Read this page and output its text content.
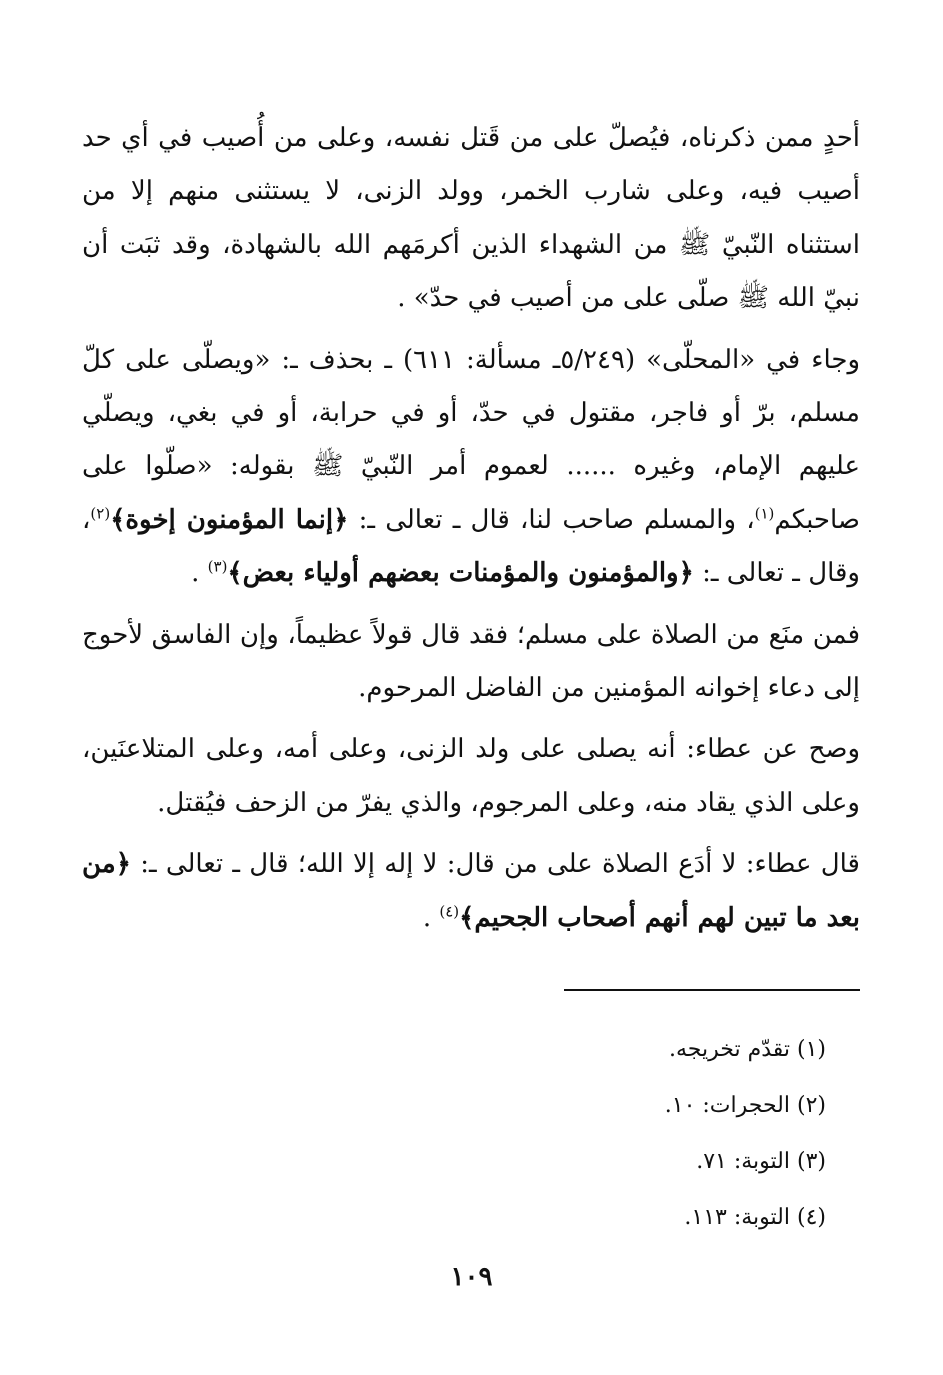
أحدٍ ممن ذكرناه، فيُصلّ على من قَتل نفسه، وعلى من أُصيب في أي حد أصيب فيه، وعلى شارب الخمر، وولد الزنى، لا يستثنى منهم إلا من استثناه النّبيّ ﷺ من الشهداء الذين أكرمَهم الله بالشهادة، وقد ثبَت أن نبيّ الله ﷺ صلّى على من أصيب في حدّ» .

وجاء في «المحلّى» (٥/٢٤٩ـ مسألة: ٦١١) ـ بحذف ـ: «ويصلّى على كلّ مسلم، برّ أو فاجر، مقتول في حدّ، أو في حرابة، أو في بغي، ويصلّي عليهم الإمام، وغيره ...... لعموم أمر النّبيّ ﷺ بقوله: «صلّوا على صاحبكم$^{(١)}$، والمسلم صاحب لنا، قال ـ تعالى ـ: ﴿إنما المؤمنون إخوة﴾$^{(٢)}$، وقال ـ تعالى ـ: ﴿والمؤمنون والمؤمنات بعضهم أولياء بعض﴾$^{(٣)}$ .

فمن منَع من الصلاة على مسلم؛ فقد قال قولاً عظيماً، وإن الفاسق لأحوج إلى دعاء إخوانه المؤمنين من الفاضل المرحوم.

وصح عن عطاء: أنه يصلى على ولد الزنى، وعلى أمه، وعلى المتلاعنَين، وعلى الذي يقاد منه، وعلى المرجوم، والذي يفرّ من الزحف فيُقتل.

قال عطاء: لا أدَع الصلاة على من قال: لا إله إلا الله؛ قال ـ تعالى ـ: ﴿من بعد ما تبين لهم أنهم أصحاب الجحيم﴾$^{(٤)}$ .

(١) تقدّم تخريجه.
(٢) الحجرات: ١٠.
(٣) التوبة: ٧١.
(٤) التوبة: ١١٣.
١٠٩
